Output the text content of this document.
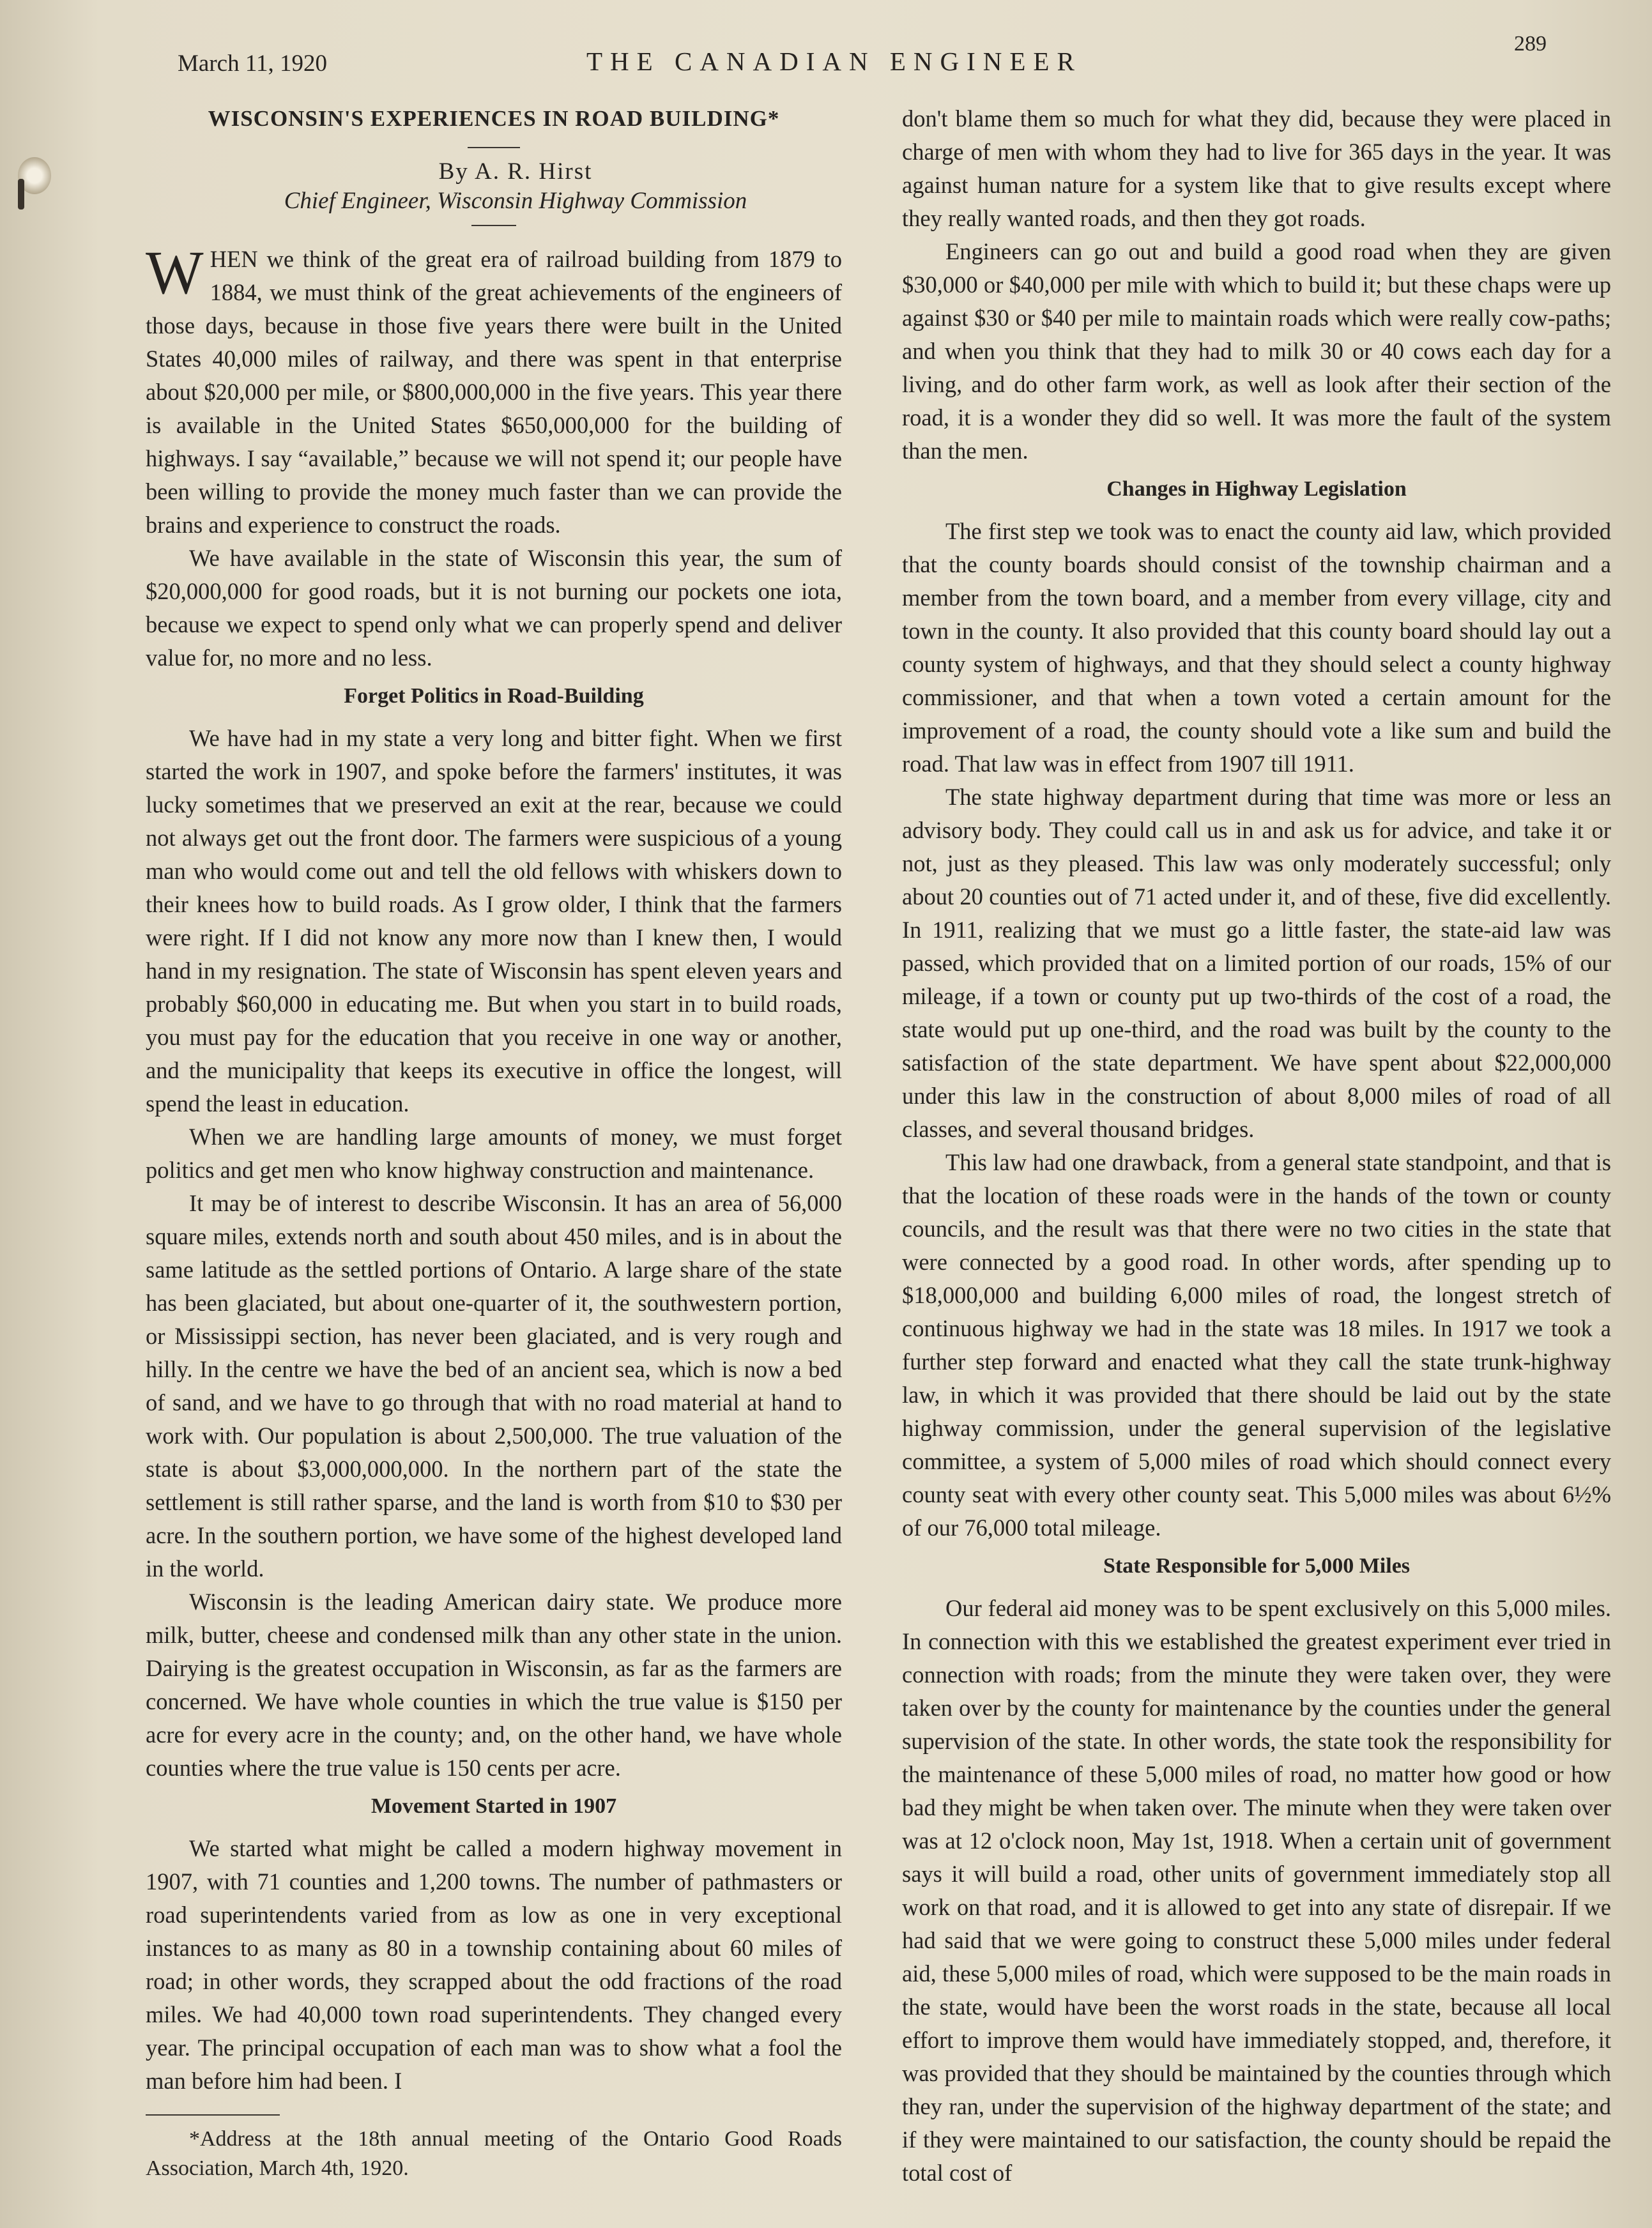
March 11, 1920	THE CANADIAN ENGINEER
289
WISCONSIN'S EXPERIENCES IN ROAD BUILDING*

By A. R. Hirst

Chief Engineer, Wisconsin Highway Commission

WHEN we think of the great era of railroad building from 1879 to 1884, we must think of the great achievements of the engineers of those days, because in those five years there were built in the United States 40,000 miles of railway, and there was spent in that enterprise about $20,000 per mile, or $800,000,000 in the five years. This year there is available in the United States $650,000,000 for the building of highways. I say “available,” because we will not spend it; our people have been willing to provide the money much faster than we can provide the brains and experience to construct the roads.

We have available in the state of Wisconsin this year, the sum of $20,000,000 for good roads, but it is not burning our pockets one iota, because we expect to spend only what we can properly spend and deliver value for, no more and no less.

Forget Politics in Road-Building

We have had in my state a very long and bitter fight. When we first started the work in 1907, and spoke before the farmers' institutes, it was lucky sometimes that we preserved an exit at the rear, because we could not always get out the front door. The farmers were suspicious of a young man who would come out and tell the old fellows with whiskers down to their knees how to build roads. As I grow older, I think that the farmers were right. If I did not know any more now than I knew then, I would hand in my resignation. The state of Wisconsin has spent eleven years and probably $60,000 in educating me. But when you start in to build roads, you must pay for the education that you receive in one way or another, and the municipality that keeps its executive in office the longest, will spend the least in education.

When we are handling large amounts of money, we must forget politics and get men who know highway construction and maintenance.

It may be of interest to describe Wisconsin. It has an area of 56,000 square miles, extends north and south about 450 miles, and is in about the same latitude as the settled portions of Ontario. A large share of the state has been glaciated, but about one-quarter of it, the southwestern portion, or Mississippi section, has never been glaciated, and is very rough and hilly. In the centre we have the bed of an ancient sea, which is now a bed of sand, and we have to go through that with no road material at hand to work with. Our population is about 2,500,000. The true valuation of the state is about $3,000,000,000. In the northern part of the state the settlement is still rather sparse, and the land is worth from $10 to $30 per acre. In the southern portion, we have some of the highest developed land in the world.

Wisconsin is the leading American dairy state. We produce more milk, butter, cheese and condensed milk than any other state in the union. Dairying is the greatest occupation in Wisconsin, as far as the farmers are concerned. We have whole counties in which the true value is $150 per acre for every acre in the county; and, on the other hand, we have whole counties where the true value is 150 cents per acre.

Movement Started in 1907

We started what might be called a modern highway movement in 1907, with 71 counties and 1,200 towns. The number of pathmasters or road superintendents varied from as low as one in very exceptional instances to as many as 80 in a township containing about 60 miles of road; in other words, they scrapped about the odd fractions of the road miles. We had 40,000 town road superintendents. They changed every year. The principal occupation of each man was to show what a fool the man before him had been. I

*Address at the 18th annual meeting of the Ontario Good Roads Association, March 4th, 1920.

don't blame them so much for what they did, because they were placed in charge of men with whom they had to live for 365 days in the year. It was against human nature for a system like that to give results except where they really wanted roads, and then they got roads.

Engineers can go out and build a good road when they are given $30,000 or $40,000 per mile with which to build it; but these chaps were up against $30 or $40 per mile to maintain roads which were really cow-paths; and when you think that they had to milk 30 or 40 cows each day for a living, and do other farm work, as well as look after their section of the road, it is a wonder they did so well. It was more the fault of the system than the men.

Changes in Highway Legislation

The first step we took was to enact the county aid law, which provided that the county boards should consist of the township chairman and a member from the town board, and a member from every village, city and town in the county. It also provided that this county board should lay out a county system of highways, and that they should select a county highway commissioner, and that when a town voted a certain amount for the improvement of a road, the county should vote a like sum and build the road. That law was in effect from 1907 till 1911.

The state highway department during that time was more or less an advisory body. They could call us in and ask us for advice, and take it or not, just as they pleased. This law was only moderately successful; only about 20 counties out of 71 acted under it, and of these, five did excellently. In 1911, realizing that we must go a little faster, the state-aid law was passed, which provided that on a limited portion of our roads, 15% of our mileage, if a town or county put up two-thirds of the cost of a road, the state would put up one-third, and the road was built by the county to the satisfaction of the state department. We have spent about $22,000,000 under this law in the construction of about 8,000 miles of road of all classes, and several thousand bridges.

This law had one drawback, from a general state standpoint, and that is that the location of these roads were in the hands of the town or county councils, and the result was that there were no two cities in the state that were connected by a good road. In other words, after spending up to $18,000,000 and building 6,000 miles of road, the longest stretch of continuous highway we had in the state was 18 miles. In 1917 we took a further step forward and enacted what they call the state trunk-highway law, in which it was provided that there should be laid out by the state highway commission, under the general supervision of the legislative committee, a system of 5,000 miles of road which should connect every county seat with every other county seat. This 5,000 miles was about 6½% of our 76,000 total mileage.

State Responsible for 5,000 Miles

Our federal aid money was to be spent exclusively on this 5,000 miles. In connection with this we established the greatest experiment ever tried in connection with roads; from the minute they were taken over, they were taken over by the county for maintenance by the counties under the general supervision of the state. In other words, the state took the responsibility for the maintenance of these 5,000 miles of road, no matter how good or how bad they might be when taken over. The minute when they were taken over was at 12 o'clock noon, May 1st, 1918. When a certain unit of government says it will build a road, other units of government immediately stop all work on that road, and it is allowed to get into any state of disrepair. If we had said that we were going to construct these 5,000 miles under federal aid, these 5,000 miles of road, which were supposed to be the main roads in the state, would have been the worst roads in the state, because all local effort to improve them would have immediately stopped, and, therefore, it was provided that they should be maintained by the counties through which they ran, under the supervision of the highway department of the state; and if they were maintained to our satisfaction, the county should be repaid the total cost of
